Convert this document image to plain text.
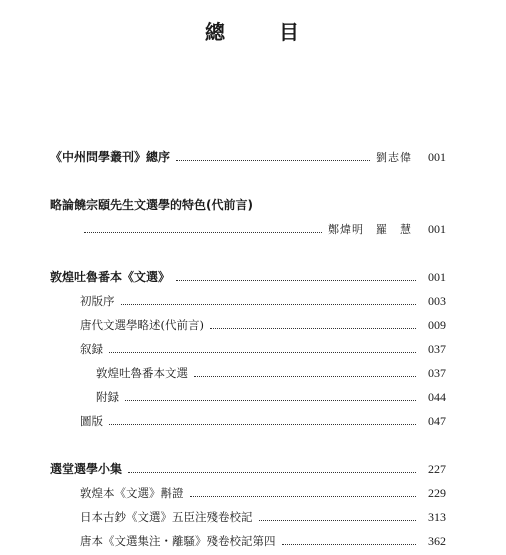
總	目
《中州問學叢刊》總序	劉志偉	001
略論饒宗頤先生文選學的特色(代前言)
鄭煒明　羅　慧	001
敦煌吐魯番本《文選》	001
初版序	003
唐代文選學略述(代前言)	009
叙録	037
敦煌吐魯番本文選	037
附録	044
圖版	047
選堂選學小集	227
敦煌本《文選》斠證	229
日本古鈔《文選》五臣注殘卷校記	313
唐本《文選集注・離騷》殘卷校記第四	362
